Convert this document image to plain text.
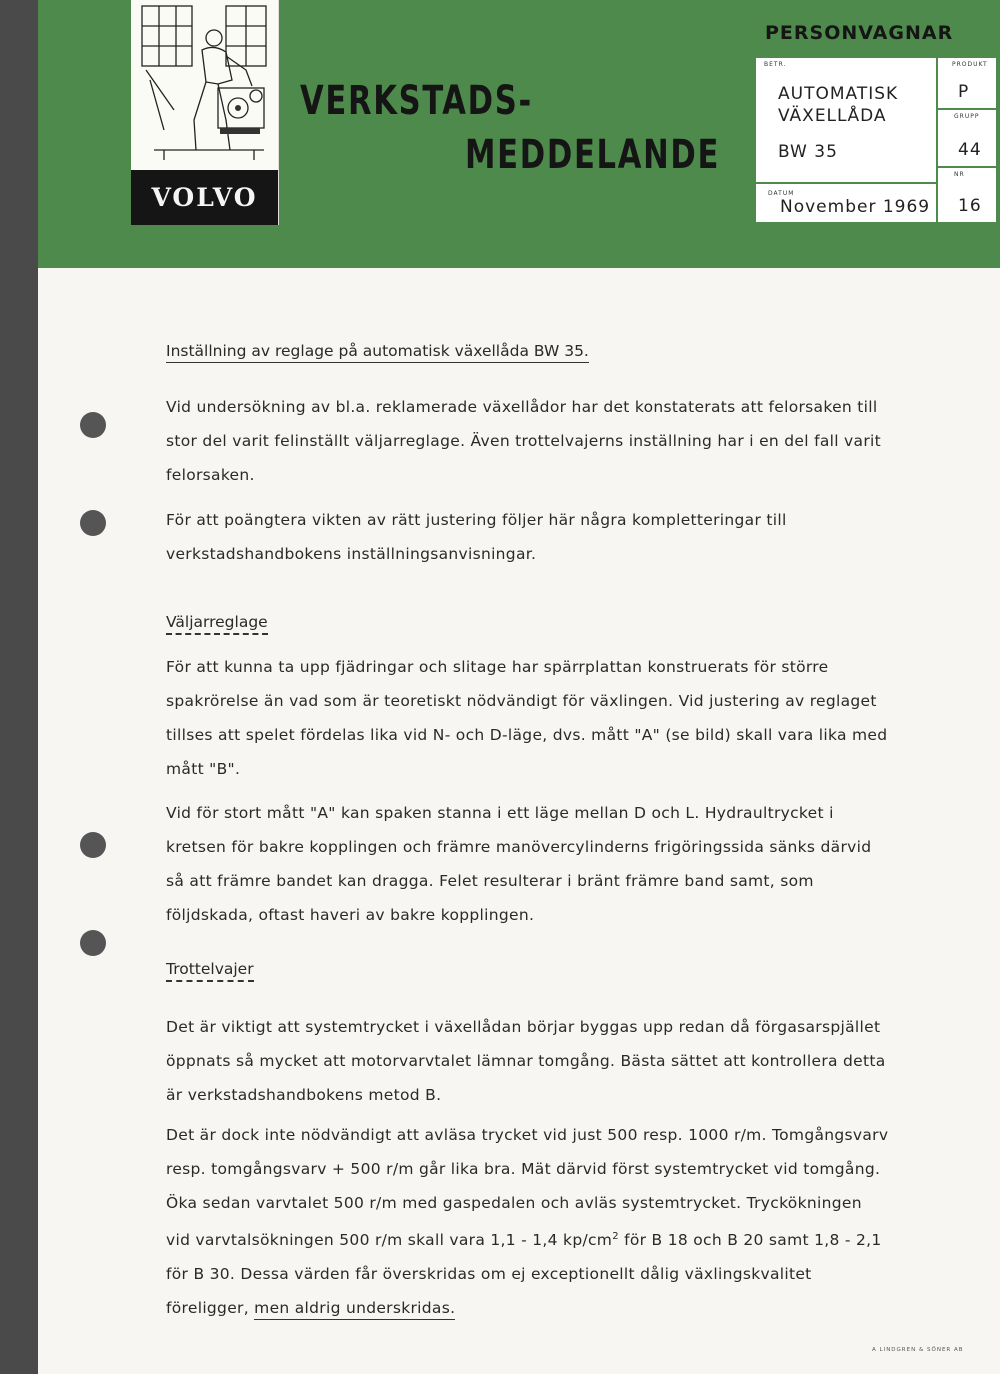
VOLVO
VERKSTADS-
MEDDELANDE
PERSONVAGNAR
BETR.
AUTOMATISK
VÄXELLÅDA
BW 35
DATUM
November 1969
PRODUKT
P
GRUPP
44
NR
16
Inställning av reglage på automatisk växellåda BW 35.
Vid undersökning av bl.a. reklamerade växellådor har det konstaterats att felorsaken till stor del varit felinställt väljarreglage. Även trottelvajerns inställning har i en del fall varit felorsaken.
För att poängtera vikten av rätt justering följer här några kompletteringar till verkstadshandbokens inställningsanvisningar.
Väljarreglage
För att kunna ta upp fjädringar och slitage har spärrplattan konstruerats för större spakrörelse än vad som är teoretiskt nödvändigt för växlingen. Vid justering av reglaget tillses att spelet fördelas lika vid N- och D-läge, dvs. mått "A" (se bild) skall vara lika med mått "B".
Vid för stort mått "A" kan spaken stanna i ett läge mellan D och L. Hydraultrycket i kretsen för bakre kopplingen och främre manövercylinderns frigöringssida sänks därvid så att främre bandet kan dragga. Felet resulterar i bränt främre band samt, som följdskada, oftast haveri av bakre kopplingen.
Trottelvajer
Det är viktigt att systemtrycket i växellådan börjar byggas upp redan då förgasarspjället öppnats så mycket att motorvarvtalet lämnar tomgång. Bästa sättet att kontrollera detta är verkstadshandbokens metod B.
Det är dock inte nödvändigt att avläsa trycket vid just 500 resp. 1000 r/m. Tomgångsvarv resp. tomgångsvarv + 500 r/m går lika bra. Mät därvid först systemtrycket vid tomgång. Öka sedan varvtalet 500 r/m med gaspedalen och avläs systemtrycket. Tryckökningen vid varvtalsökningen 500 r/m skall vara 1,1 - 1,4 $kp/cm^2$ för B 18 och B 20 samt 1,8 - 2,1 för B 30. Dessa värden får överskridas om ej exceptionellt dålig växlingskvalitet föreligger, men aldrig underskridas.
A LINDGREN & SÖNER AB
